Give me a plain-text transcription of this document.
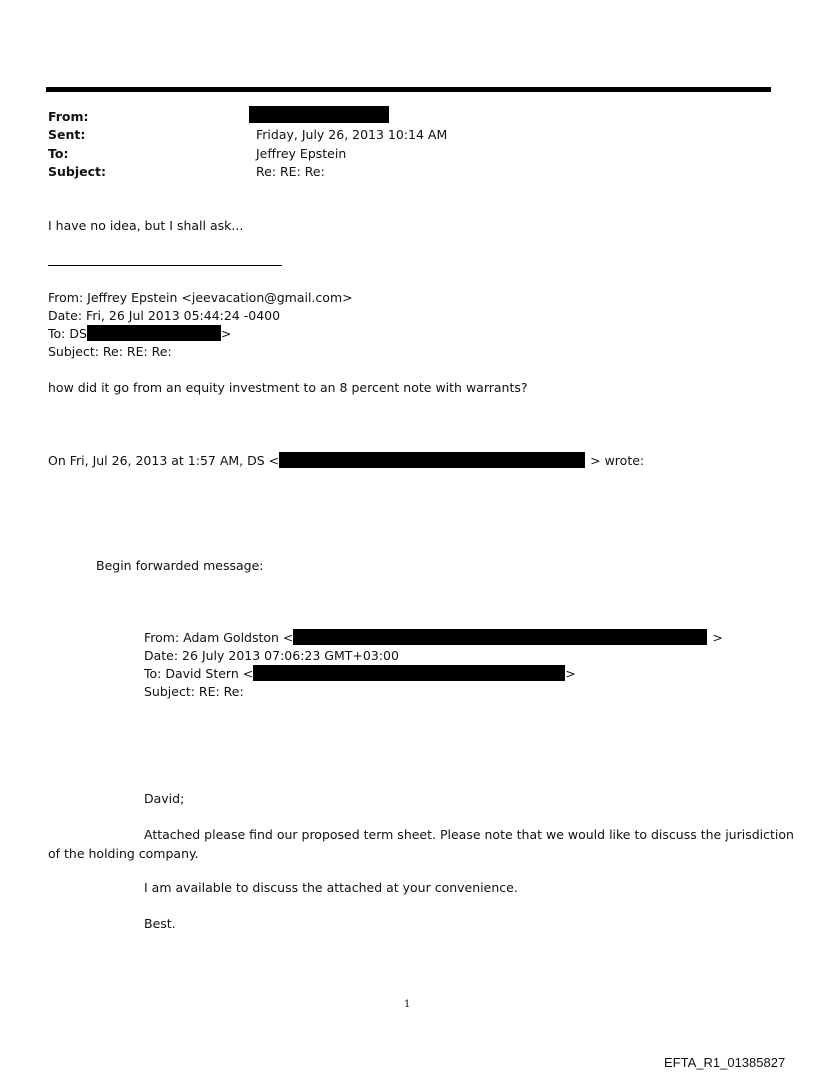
From:
Sent:	Friday, July 26, 2013 10:14 AM
To:	Jeffrey Epstein
Subject:	Re: RE: Re:
I have no idea, but I shall ask...
From: Jeffrey Epstein <jeevacation@gmail.com>
Date: Fri, 26 Jul 2013 05:44:24 -0400
To: DS	>
Subject: Re: RE: Re:
how did it go from an equity investment to an 8 percent note with warrants?
On Fri, Jul 26, 2013 at 1:57 AM, DS <	> wrote:
Begin forwarded message:
From: Adam Goldston <	>
Date: 26 July 2013 07:06:23 GMT+03:00
To: David Stern <	>
Subject: RE: Re:
David;
Attached please find our proposed term sheet. Please note that we would like to discuss the jurisdiction
of the holding company.
I am available to discuss the attached at your convenience.
Best.
1
EFTA_R1_01385827
